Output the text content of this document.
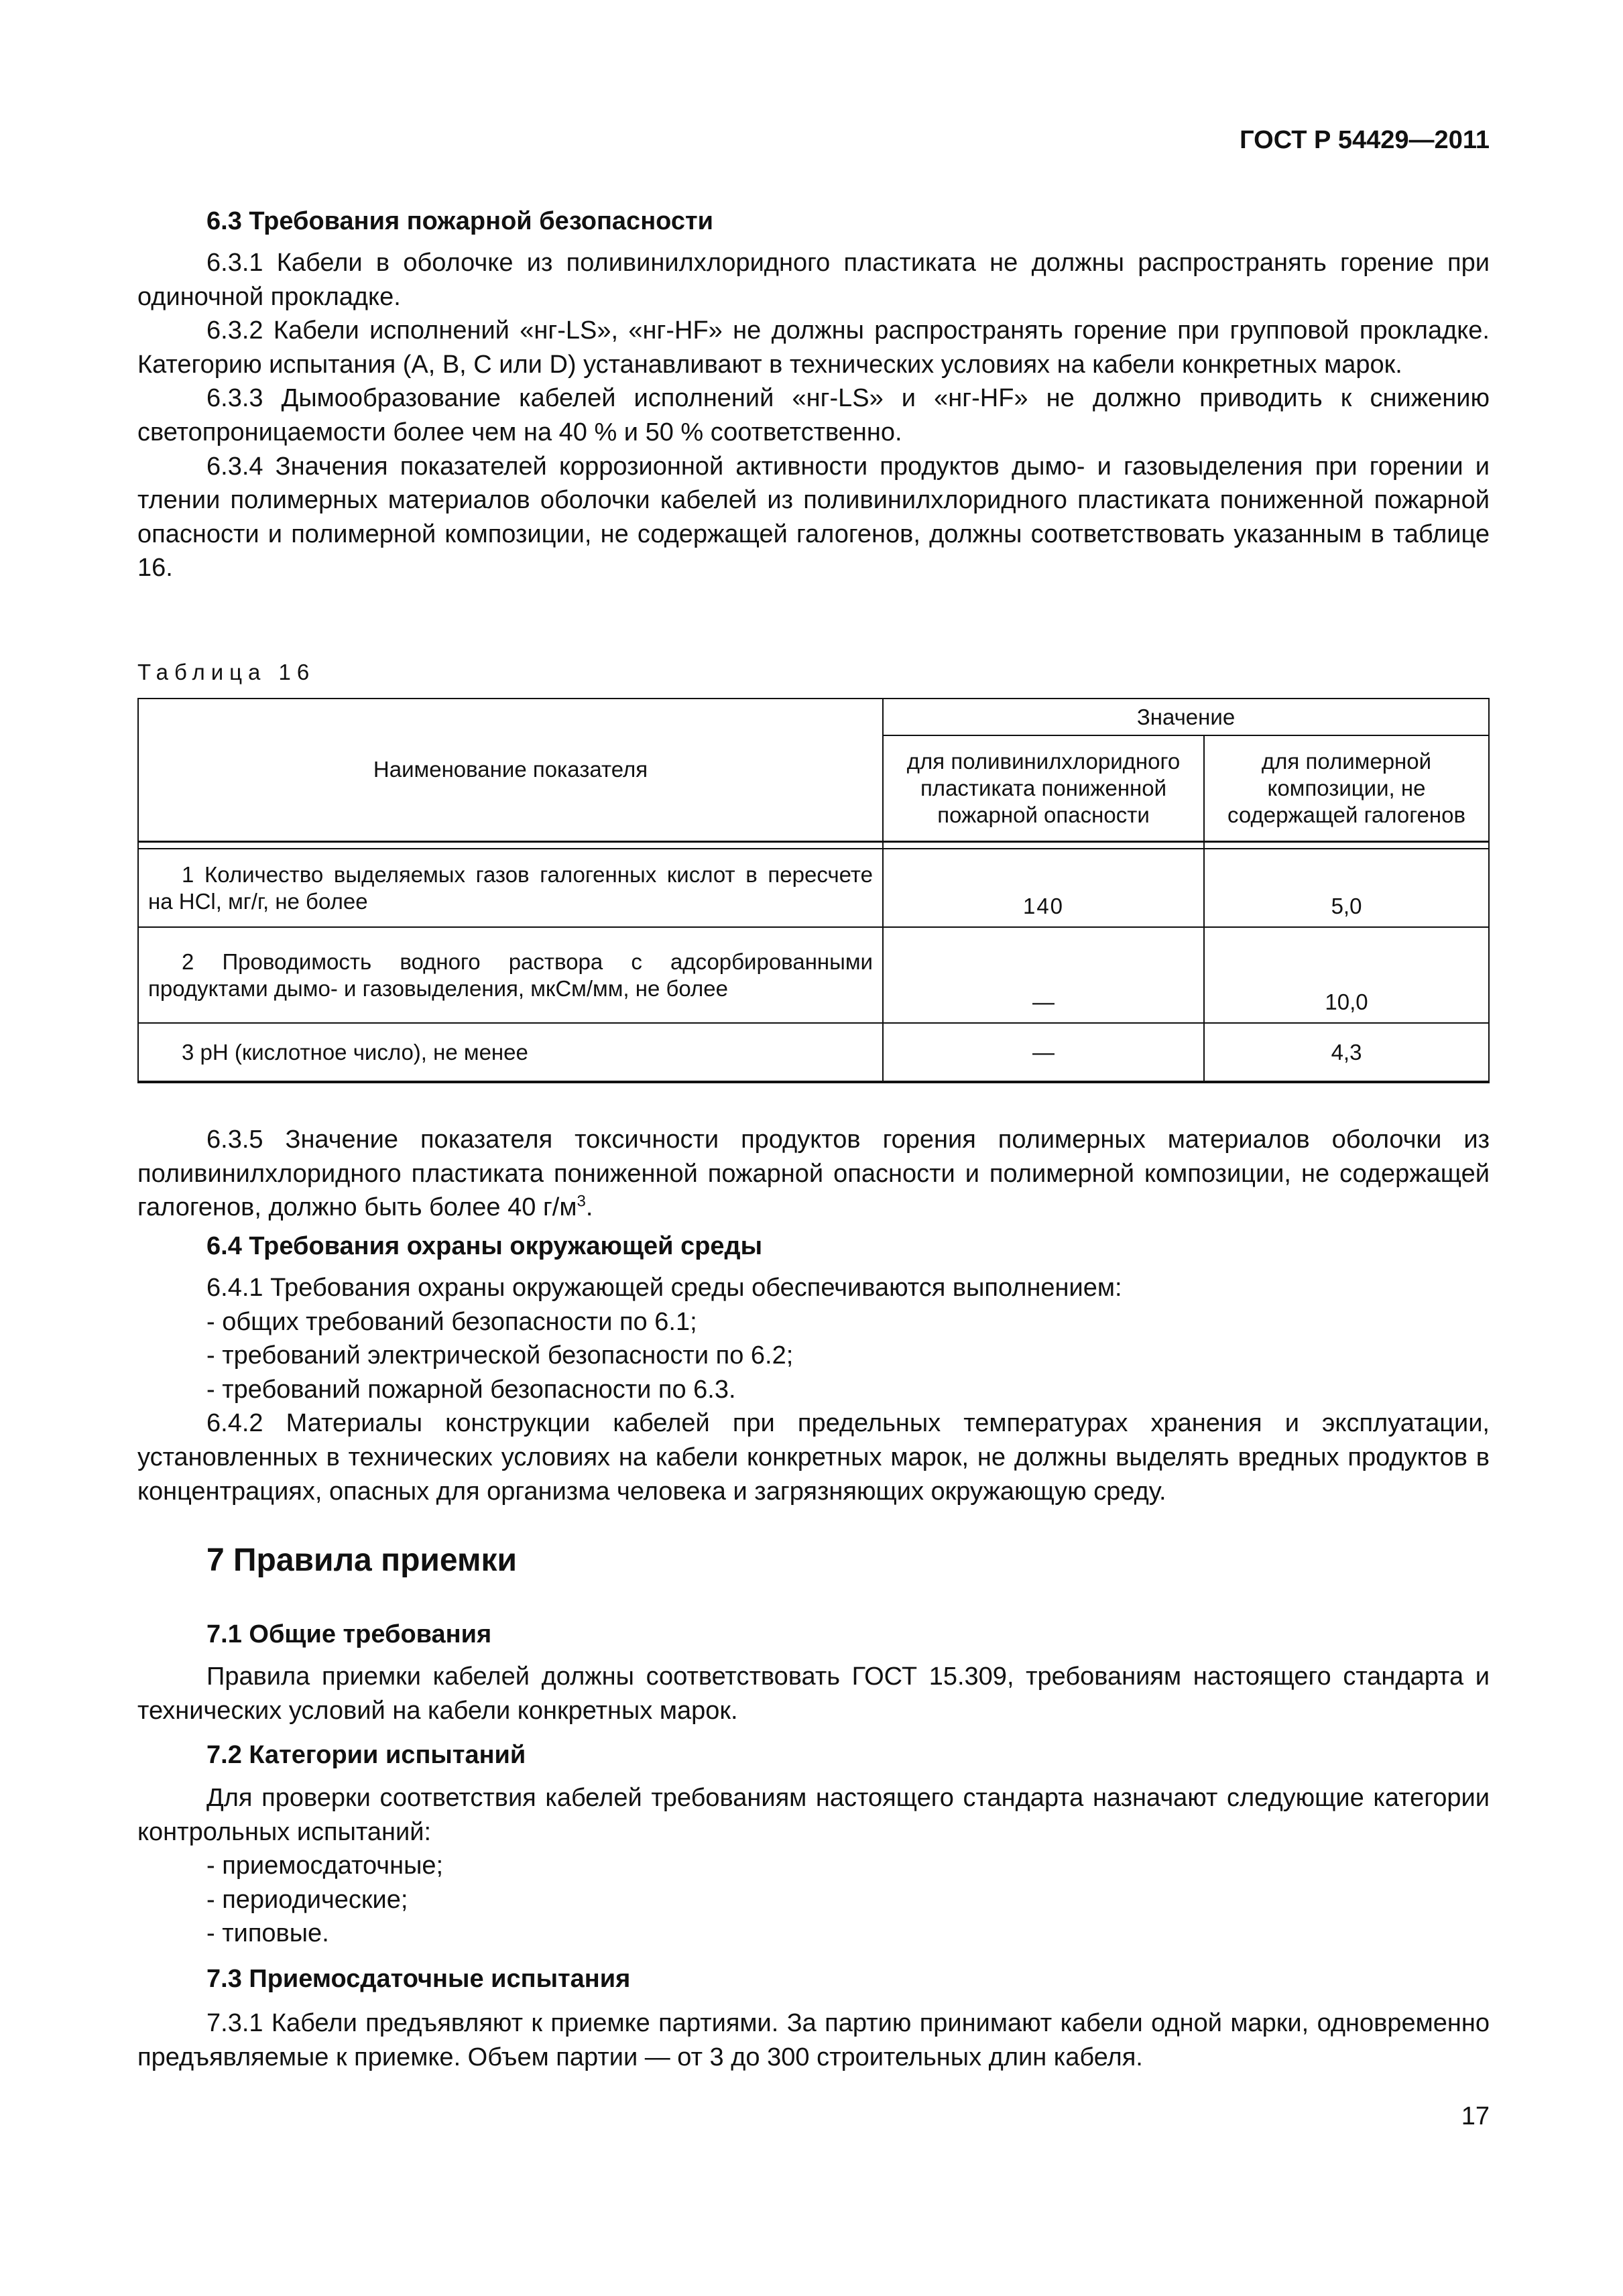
ГОСТ Р 54429—2011
6.3 Требования пожарной безопасности

6.3.1 Кабели в оболочке из поливинилхлоридного пластиката не должны распространять горение при одиночной прокладке.

6.3.2 Кабели исполнений «нг-LS», «нг-HF» не должны распространять горение при групповой прокладке. Категорию испытания (A, B, C или D) устанавливают в технических условиях на кабели конкретных марок.

6.3.3 Дымообразование кабелей исполнений «нг-LS» и «нг-HF» не должно приводить к снижению светопроницаемости более чем на 40 % и 50 % соответственно.

6.3.4 Значения показателей коррозионной активности продуктов дымо- и газовыделения при горении и тлении полимерных материалов оболочки кабелей из поливинилхлоридного пластиката пониженной пожарной опасности и полимерной композиции, не содержащей галогенов, должны соответствовать указанным в таблице 16.

Таблица 16
Наименование показателя	Значение	
	для поливинилхлоридного пластиката пониженной пожарной опасности	для полимерной композиции, не содержащей галогенов

1 Количество выделяемых газов галогенных кислот в пересчете на HCl, мг/г, не более	140	5,0
2 Проводимость водного раствора с адсорбированными продуктами дымо- и газовыделения, мкСм/мм, не более	—	10,0
3 pH (кислотное число), не менее	—	4,3

6.3.5 Значение показателя токсичности продуктов горения полимерных материалов оболочки из поливинилхлоридного пластиката пониженной пожарной опасности и полимерной композиции, не содержащей галогенов, должно быть более 40 $г/м^3$.

6.4 Требования охраны окружающей среды

6.4.1 Требования охраны окружающей среды обеспечиваются выполнением:

- общих требований безопасности по 6.1;

- требований электрической безопасности по 6.2;

- требований пожарной безопасности по 6.3.

6.4.2 Материалы конструкции кабелей при предельных температурах хранения и эксплуатации, установленных в технических условиях на кабели конкретных марок, не должны выделять вредных продуктов в концентрациях, опасных для организма человека и загрязняющих окружающую среду.

7 Правила приемки
7.1 Общие требования

Правила приемки кабелей должны соответствовать ГОСТ 15.309, требованиям настоящего стандарта и технических условий на кабели конкретных марок.

7.2 Категории испытаний

Для проверки соответствия кабелей требованиям настоящего стандарта назначают следующие категории контрольных испытаний:

- приемосдаточные;

- периодические;

- типовые.

7.3 Приемосдаточные испытания

7.3.1 Кабели предъявляют к приемке партиями. За партию принимают кабели одной марки, одновременно предъявляемые к приемке. Объем партии — от 3 до 300 строительных длин кабеля.

17
